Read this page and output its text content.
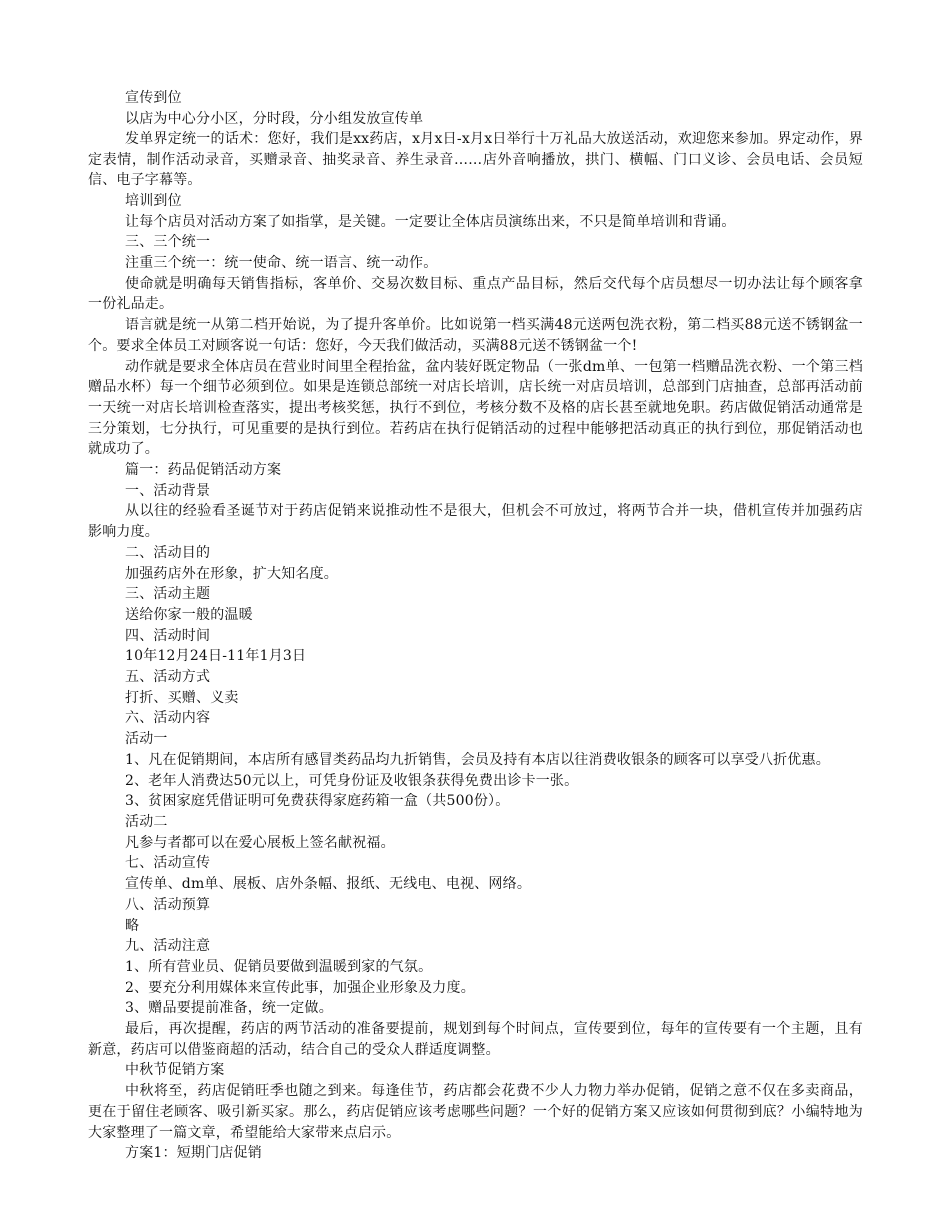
宣传到位

以店为中心分小区，分时段，分小组发放宣传单

发单界定统一的话术：您好，我们是xx药店，x月x日-x月x日举行十万礼品大放送活动，欢迎您来参加。界定动作，界定表情，制作活动录音，买赠录音、抽奖录音、养生录音……店外音响播放，拱门、横幅、门口义诊、会员电话、会员短信、电子字幕等。

培训到位

让每个店员对活动方案了如指掌，是关键。一定要让全体店员演练出来，不只是简单培训和背诵。

三、三个统一

注重三个统一：统一使命、统一语言、统一动作。

使命就是明确每天销售指标，客单价、交易次数目标、重点产品目标，然后交代每个店员想尽一切办法让每个顾客拿一份礼品走。

语言就是统一从第二档开始说，为了提升客单价。比如说第一档买满48元送两包洗衣粉，第二档买88元送不锈钢盆一个。要求全体员工对顾客说一句话：您好，今天我们做活动，买满88元送不锈钢盆一个!

动作就是要求全体店员在营业时间里全程抬盆，盆内装好既定物品（一张dm单、一包第一档赠品洗衣粉、一个第三档赠品水杯）每一个细节必须到位。如果是连锁总部统一对店长培训，店长统一对店员培训，总部到门店抽查，总部再活动前一天统一对店长培训检查落实，提出考核奖惩，执行不到位，考核分数不及格的店长甚至就地免职。药店做促销活动通常是三分策划，七分执行，可见重要的是执行到位。若药店在执行促销活动的过程中能够把活动真正的执行到位，那促销活动也就成功了。

篇一：药品促销活动方案

一、活动背景

从以往的经验看圣诞节对于药店促销来说推动性不是很大，但机会不可放过，将两节合并一块，借机宣传并加强药店影响力度。

二、活动目的

加强药店外在形象，扩大知名度。

三、活动主题

送给你家一般的温暖

四、活动时间

10年12月24日-11年1月3日

五、活动方式

打折、买赠、义卖

六、活动内容

活动一

1、凡在促销期间，本店所有感冒类药品均九折销售，会员及持有本店以往消费收银条的顾客可以享受八折优惠。

2、老年人消费达50元以上，可凭身份证及收银条获得免费出诊卡一张。

3、贫困家庭凭借证明可免费获得家庭药箱一盒（共500份）。

活动二

凡参与者都可以在爱心展板上签名献祝福。

七、活动宣传

宣传单、dm单、展板、店外条幅、报纸、无线电、电视、网络。

八、活动预算

略

九、活动注意

1、所有营业员、促销员要做到温暖到家的气氛。

2、要充分利用媒体来宣传此事，加强企业形象及力度。

3、赠品要提前准备，统一定做。

最后，再次提醒，药店的两节活动的准备要提前，规划到每个时间点，宣传要到位，每年的宣传要有一个主题，且有新意，药店可以借鉴商超的活动，结合自己的受众人群适度调整。

中秋节促销方案

中秋将至，药店促销旺季也随之到来。每逢佳节，药店都会花费不少人力物力举办促销，促销之意不仅在多卖商品，更在于留住老顾客、吸引新买家。那么，药店促销应该考虑哪些问题？一个好的促销方案又应该如何贯彻到底？小编特地为大家整理了一篇文章，希望能给大家带来点启示。

方案1：短期门店促销
